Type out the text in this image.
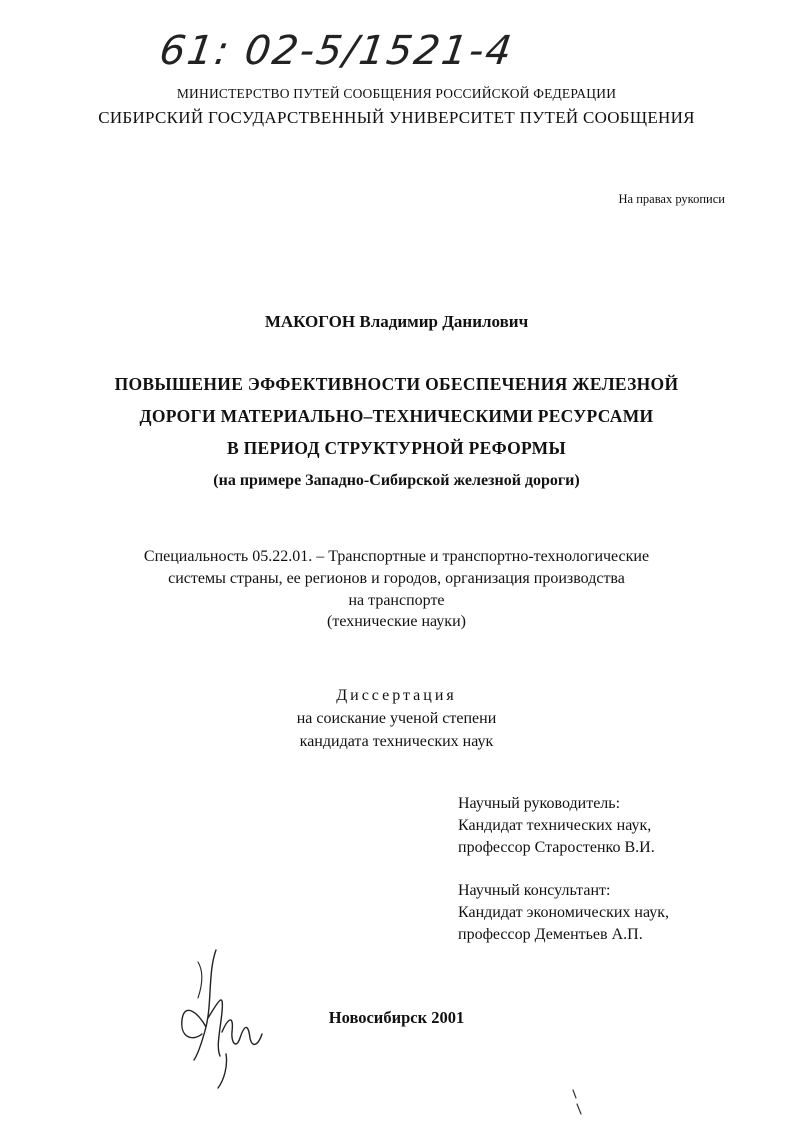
61: 02-5/1521-4
МИНИСТЕРСТВО ПУТЕЙ СООБЩЕНИЯ РОССИЙСКОЙ ФЕДЕРАЦИИ
СИБИРСКИЙ ГОСУДАРСТВЕННЫЙ УНИВЕРСИТЕТ ПУТЕЙ СООБЩЕНИЯ
На правах рукописи
МАКОГОН Владимир Данилович
ПОВЫШЕНИЕ ЭФФЕКТИВНОСТИ ОБЕСПЕЧЕНИЯ ЖЕЛЕЗНОЙ
ДОРОГИ МАТЕРИАЛЬНО–ТЕХНИЧЕСКИМИ РЕСУРСАМИ
В ПЕРИОД СТРУКТУРНОЙ РЕФОРМЫ
(на примере Западно-Сибирской железной дороги)
Специальность 05.22.01. – Транспортные и транспортно-технологические
системы страны, ее регионов и городов, организация производства
на транспорте
(технические науки)
Диссертация
на соискание ученой степени
кандидата технических наук
Научный руководитель:
Кандидат технических наук,
профессор Старостенко В.И.
Научный консультант:
Кандидат экономических наук,
профессор Дементьев А.П.
Новосибирск 2001
